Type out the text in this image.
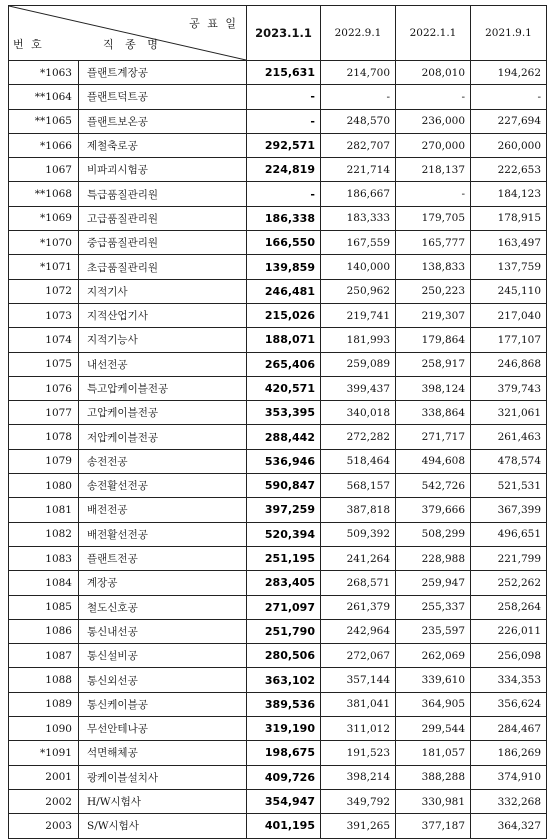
공 표 일
번 호 직 종 명		2023.1.1	2022.9.1	2022.1.1	2021.9.1
*1063	플랜트계장공	215,631	214,700	208,010	194,262
**1064	플랜트덕트공	-	-	-	-
**1065	플랜트보온공	-	248,570	236,000	227,694
*1066	제철축로공	292,571	282,707	270,000	260,000
1067	비파괴시험공	224,819	221,714	218,137	222,653
**1068	특급품질관리원	-	186,667	-	184,123
*1069	고급품질관리원	186,338	183,333	179,705	178,915
*1070	중급품질관리원	166,550	167,559	165,777	163,497
*1071	초급품질관리원	139,859	140,000	138,833	137,759
1072	지적기사	246,481	250,962	250,223	245,110
1073	지적산업기사	215,026	219,741	219,307	217,040
1074	지적기능사	188,071	181,993	179,864	177,107
1075	내선전공	265,406	259,089	258,917	246,868
1076	특고압케이블전공	420,571	399,437	398,124	379,743
1077	고압케이블전공	353,395	340,018	338,864	321,061
1078	저압케이블전공	288,442	272,282	271,717	261,463
1079	송전전공	536,946	518,464	494,608	478,574
1080	송전활선전공	590,847	568,157	542,726	521,531
1081	배전전공	397,259	387,818	379,666	367,399
1082	배전활선전공	520,394	509,392	508,299	496,651
1083	플랜트전공	251,195	241,264	228,988	221,799
1084	계장공	283,405	268,571	259,947	252,262
1085	철도신호공	271,097	261,379	255,337	258,264
1086	통신내선공	251,790	242,964	235,597	226,011
1087	통신설비공	280,506	272,067	262,069	256,098
1088	통신외선공	363,102	357,144	339,610	334,353
1089	통신케이블공	389,536	381,041	364,905	356,624
1090	무선안테나공	319,190	311,012	299,544	284,467
*1091	석면해체공	198,675	191,523	181,057	186,269
2001	광케이블설치사	409,726	398,214	388,288	374,910
2002	H/W시험사	354,947	349,792	330,981	332,268
2003	S/W시험사	401,195	391,265	377,187	364,327
